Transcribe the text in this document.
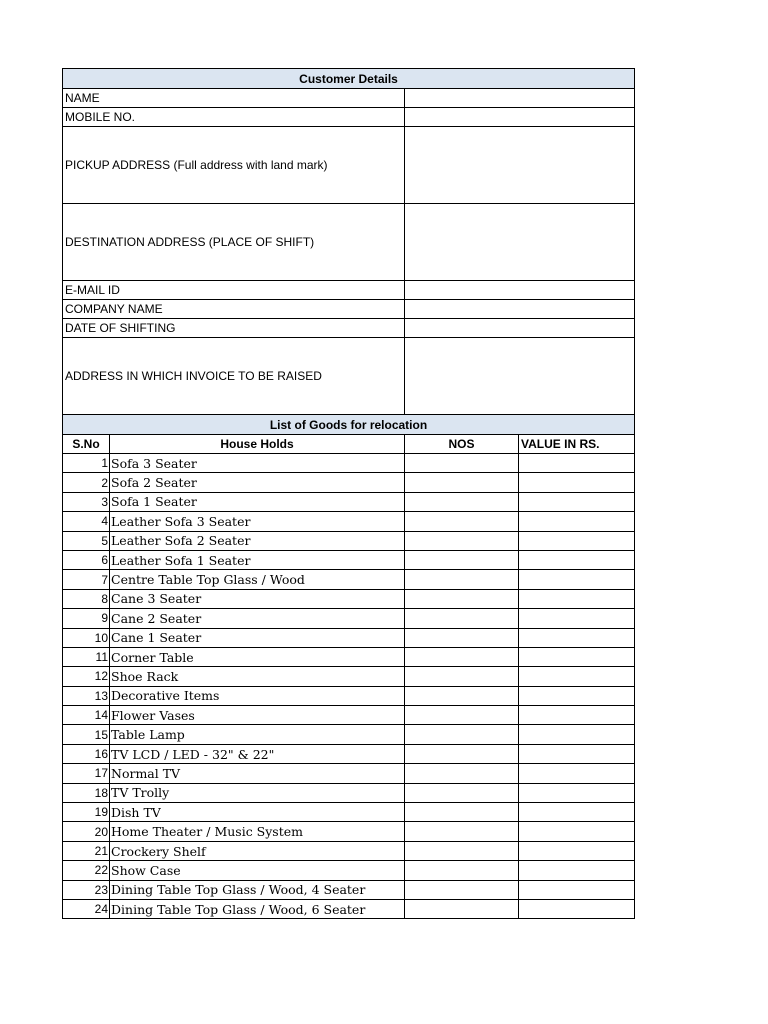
Customer Details			
NAME			
MOBILE NO.			
PICKUP ADDRESS (Full address with land mark)			
DESTINATION ADDRESS (PLACE OF SHIFT)			
E-MAIL ID			
COMPANY NAME			
DATE OF SHIFTING			
ADDRESS IN WHICH INVOICE TO BE RAISED			
List of Goods for relocation			
S.No	House Holds	NOS	VALUE IN RS.
1	Sofa 3 Seater		
2	Sofa 2 Seater		
3	Sofa 1 Seater		
4	Leather Sofa 3 Seater		
5	Leather Sofa 2 Seater		
6	Leather Sofa 1 Seater		
7	Centre Table Top Glass / Wood		
8	Cane 3 Seater		
9	Cane 2 Seater		
10	Cane 1 Seater		
11	Corner Table		
12	Shoe Rack		
13	Decorative Items		
14	Flower Vases		
15	Table Lamp		
16	TV LCD / LED - 32" & 22"		
17	Normal TV		
18	TV Trolly		
19	Dish TV		
20	Home Theater / Music System		
21	Crockery Shelf		
22	Show Case		
23	Dining Table Top Glass / Wood, 4 Seater		
24	Dining Table Top Glass / Wood, 6 Seater		
